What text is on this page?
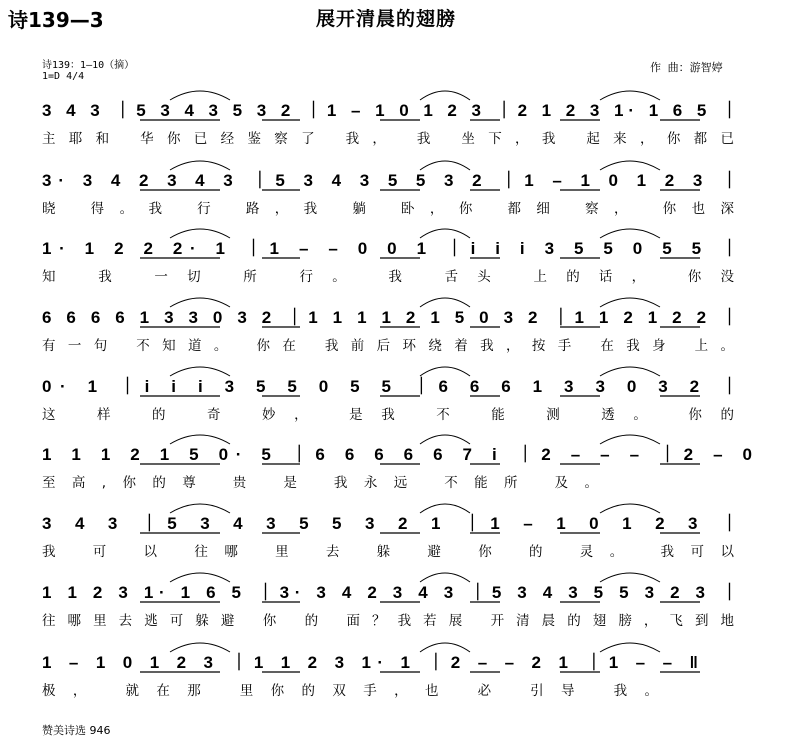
诗139—3	展开清晨的翅膀
诗139：1—10（摘）
1=D 4/4
作 曲：游智婷
3 4 3 ｜5 3 4 3 5 3 2 ｜1 – 1 0 1 2 3 ｜2 1 2 3 1· 1 6 5 ｜
主耶和 华你已经鉴察了 我， 我 坐下，我 起来，你都已
3· 3 4 2 3 4 3 ｜5 3 4 3 5 5 3 2 ｜1 – 1 0 1 2 3 ｜
晓 得。我 行 路，我 躺 卧，你 都细 察， 你也深
1· 1 2 2 2· 1 ｜1 – – 0 0 1 ｜i i i 3 5 5 0 5 5 ｜
知 我 一切 所 行。 我 舌头 上的话， 你没
6 6 6 6 1 3 3 0 3 2 ｜1 1 1 1 2 1 5 0 3 2 ｜1 1 2 1 2 2 ｜
有一句 不知道。 你在 我前后环绕着我，按手 在我身 上。
0· 1 ｜i i i 3 5 5 0 5 5 ｜6 6 6 1 3 3 0 3 2 ｜
这 样 的 奇 妙， 是我 不 能 测 透。 你的
1 1 1 2 1 5 0· 5 ｜6 6 6 6 6 7 i ｜2 – – – ｜2 – 0
至高,你的尊 贵 是 我永远 不能所 及。
3 4 3 ｜5 3 4 3 5 5 3 2 1 ｜1 – 1 0 1 2 3 ｜
我 可 以 往哪 里 去 躲 避 你 的 灵。 我可以
1 1 2 3 1· 1 6 5 ｜3· 3 4 2 3 4 3 ｜5 3 4 3 5 5 3 2 3 ｜
往哪里去逃可躲避 你 的 面？我若展 开清晨的翅膀，飞到地
1 – 1 0 1 2 3 ｜1 1 2 3 1· 1 ｜2 – – 2 1 ｜1 – – ‖
极， 就在那 里你的双手，也 必 引导 我。
赞美诗选 946
